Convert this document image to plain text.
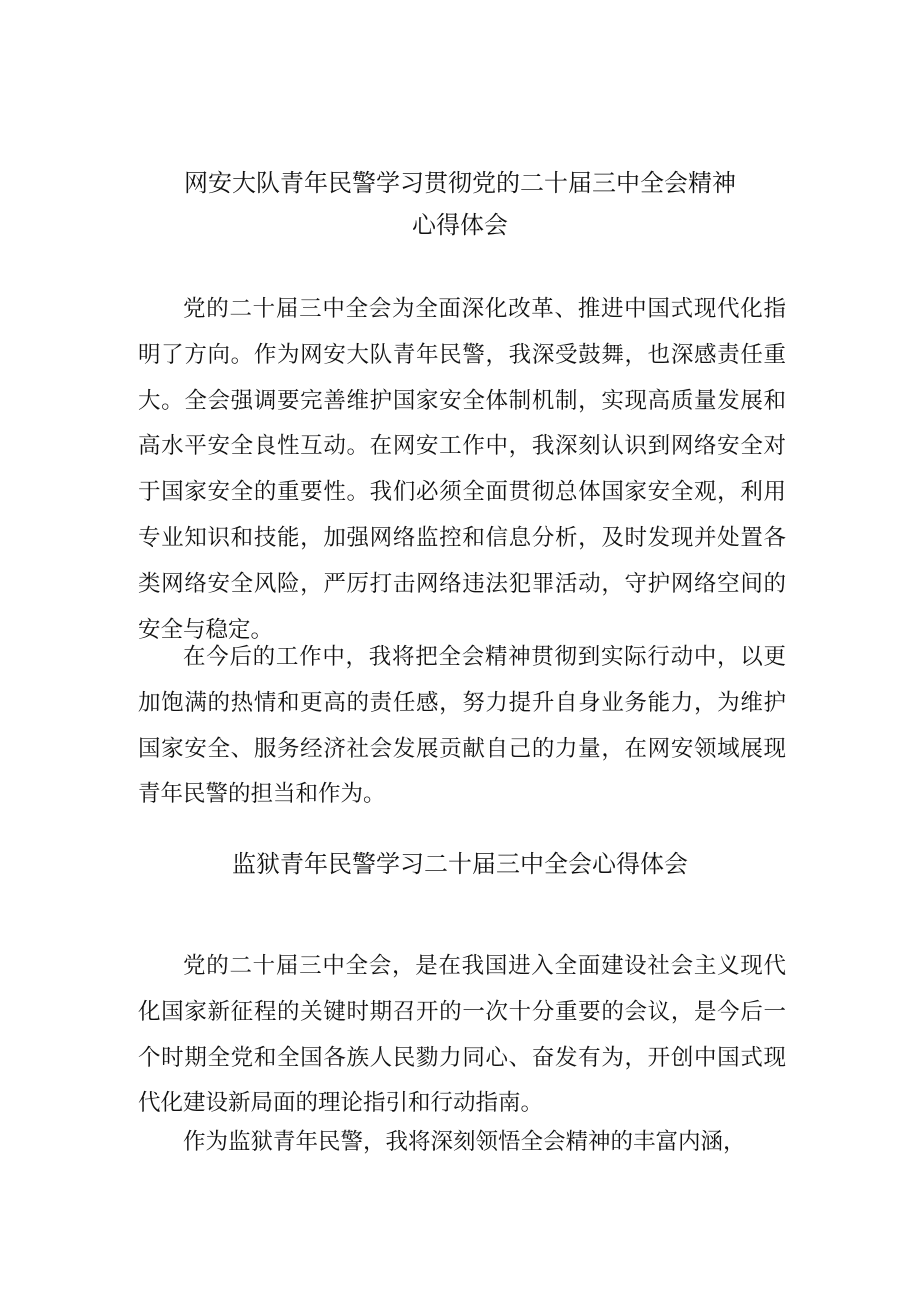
网安大队青年民警学习贯彻党的二十届三中全会精神
心得体会

党的二十届三中全会为全面深化改革、推进中国式现代化指明了方向。作为网安大队青年民警，我深受鼓舞，也深感责任重大。全会强调要完善维护国家安全体制机制，实现高质量发展和高水平安全良性互动。在网安工作中，我深刻认识到网络安全对于国家安全的重要性。我们必须全面贯彻总体国家安全观，利用专业知识和技能，加强网络监控和信息分析，及时发现并处置各类网络安全风险，严厉打击网络违法犯罪活动，守护网络空间的安全与稳定。

在今后的工作中，我将把全会精神贯彻到实际行动中，以更加饱满的热情和更高的责任感，努力提升自身业务能力，为维护国家安全、服务经济社会发展贡献自己的力量，在网安领域展现青年民警的担当和作为。

监狱青年民警学习二十届三中全会心得体会

党的二十届三中全会，是在我国进入全面建设社会主义现代化国家新征程的关键时期召开的一次十分重要的会议，是今后一个时期全党和全国各族人民勠力同心、奋发有为，开创中国式现代化建设新局面的理论指引和行动指南。

作为监狱青年民警，我将深刻领悟全会精神的丰富内涵，
